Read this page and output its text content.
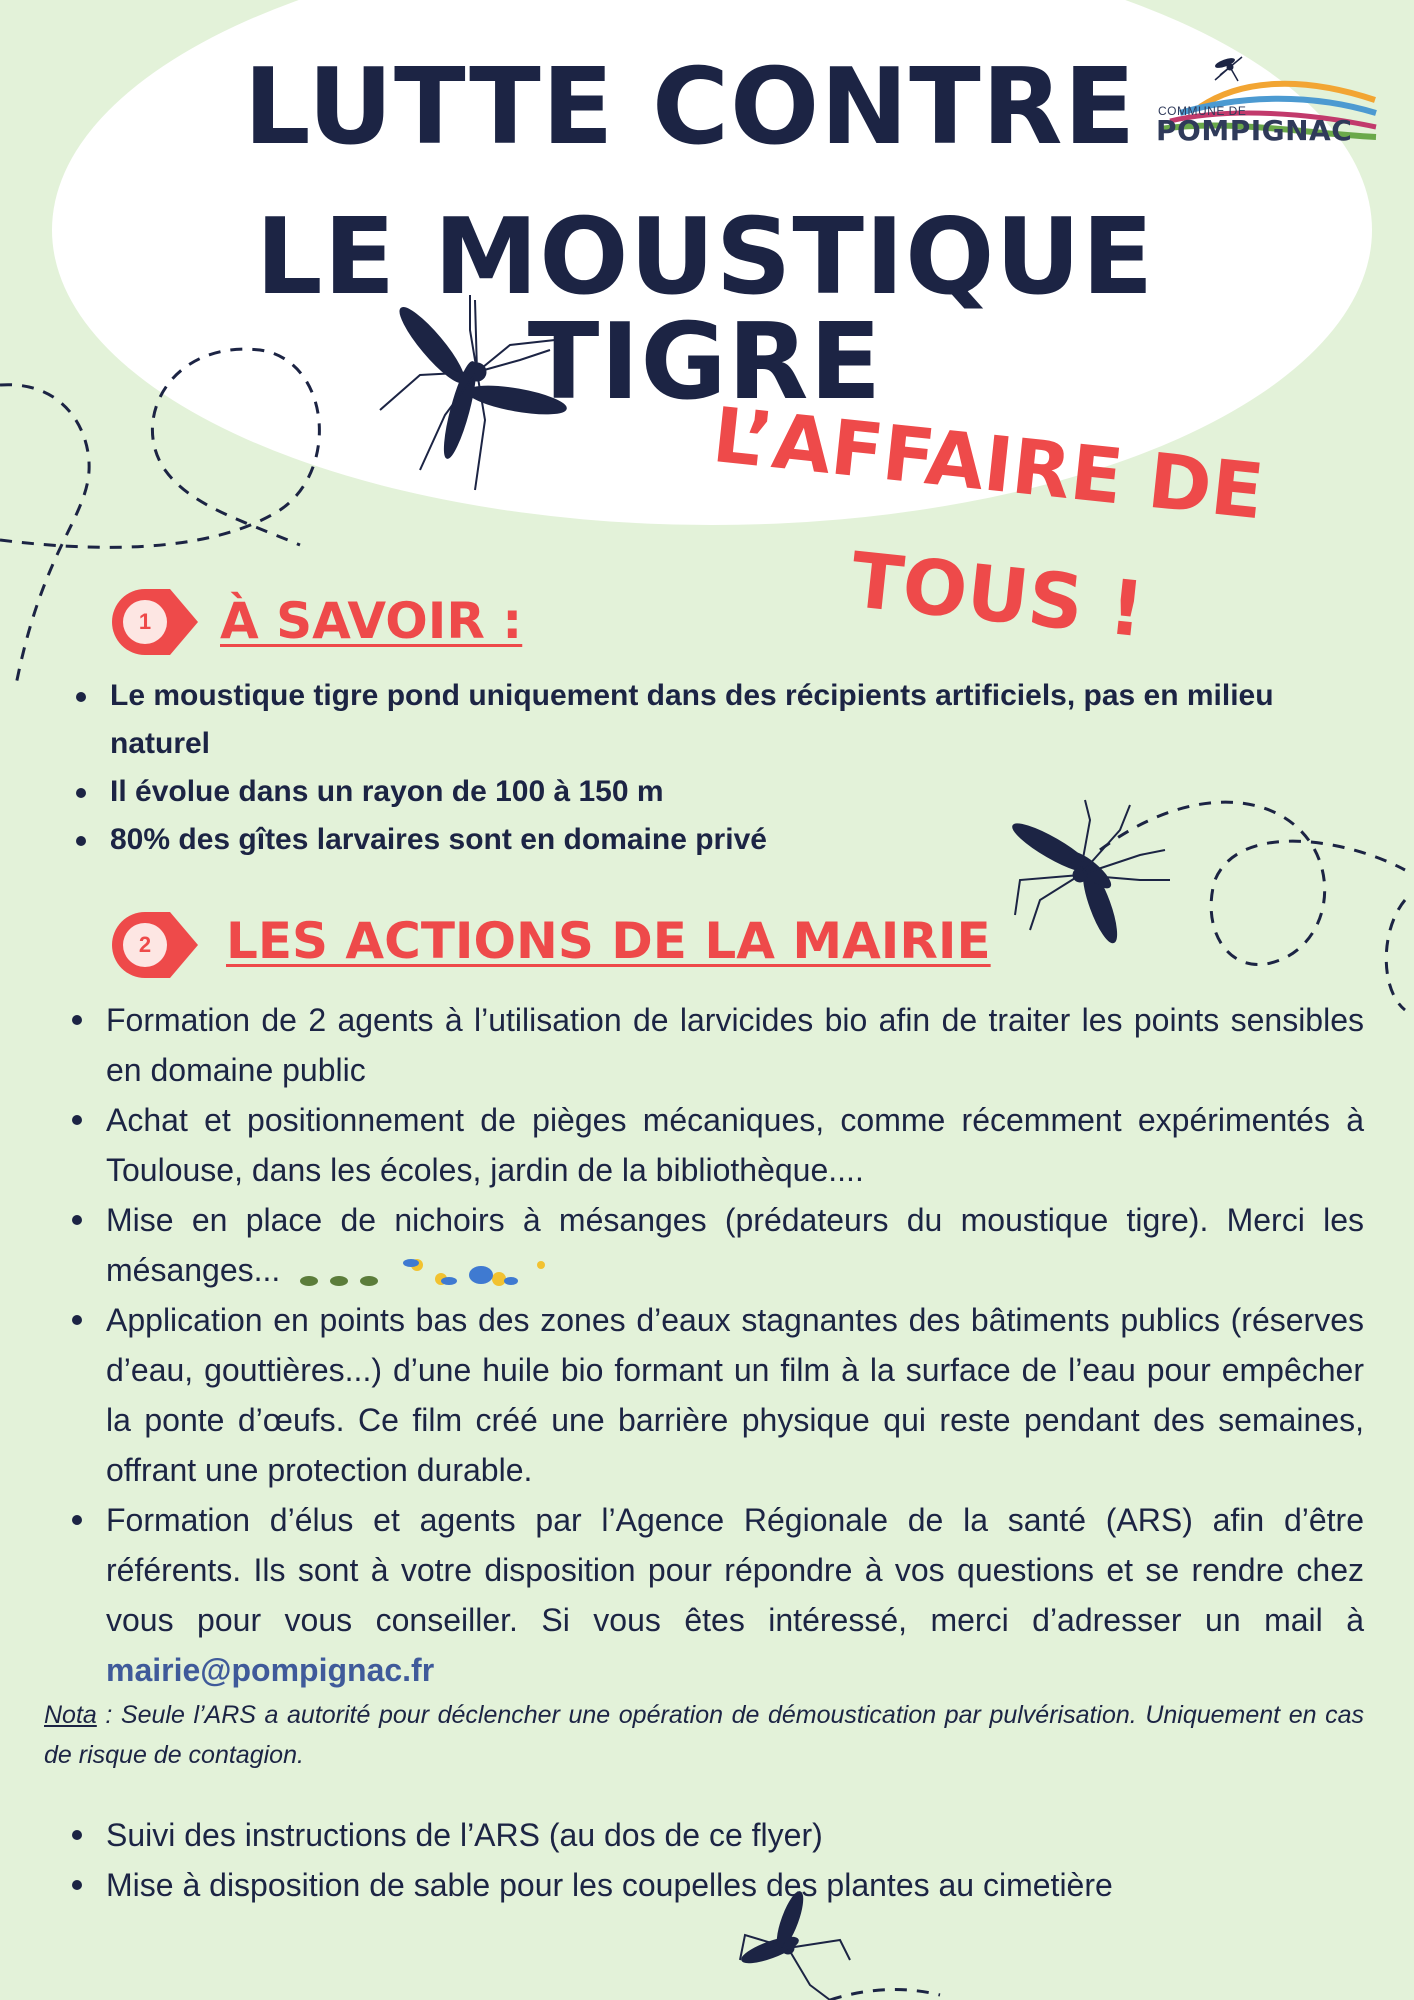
LUTTE CONTRE
LE MOUSTIQUE TIGRE
COMMUNE DE
POMPIGNAC
L’AFFAIRE DE
TOUS !
1 À SAVOIR :
Le moustique tigre pond uniquement dans des récipients artificiels, pas en milieu naturel
Il évolue dans un rayon de 100 à 150 m
80% des gîtes larvaires sont en domaine privé
2 LES ACTIONS DE LA MAIRIE
Formation de 2 agents à l’utilisation de larvicides bio afin de traiter les points sensibles en domaine public
Achat et positionnement de pièges mécaniques, comme récemment expérimentés à Toulouse, dans les écoles, jardin de la bibliothèque....
Mise en place de nichoirs à mésanges (prédateurs du moustique tigre). Merci les mésanges...
Application en points bas des zones d’eaux stagnantes des bâtiments publics (réserves d’eau, gouttières...) d’une huile bio formant un film à la surface de l’eau pour empêcher la ponte d’œufs. Ce film créé une barrière physique qui reste pendant des semaines, offrant une protection durable.
Formation d’élus et agents par l’Agence Régionale de la santé (ARS) afin d’être référents. Ils sont à votre disposition pour répondre à vos questions et se rendre chez vous pour vous conseiller. Si vous êtes intéressé, merci d’adresser un mail à mairie@pompignac.fr
Nota : Seule l’ARS a autorité pour déclencher une opération de démoustication par pulvérisation. Uniquement en cas de risque de contagion.
Suivi des instructions de l’ARS (au dos de ce flyer)
Mise à disposition de sable pour les coupelles des plantes au cimetière
